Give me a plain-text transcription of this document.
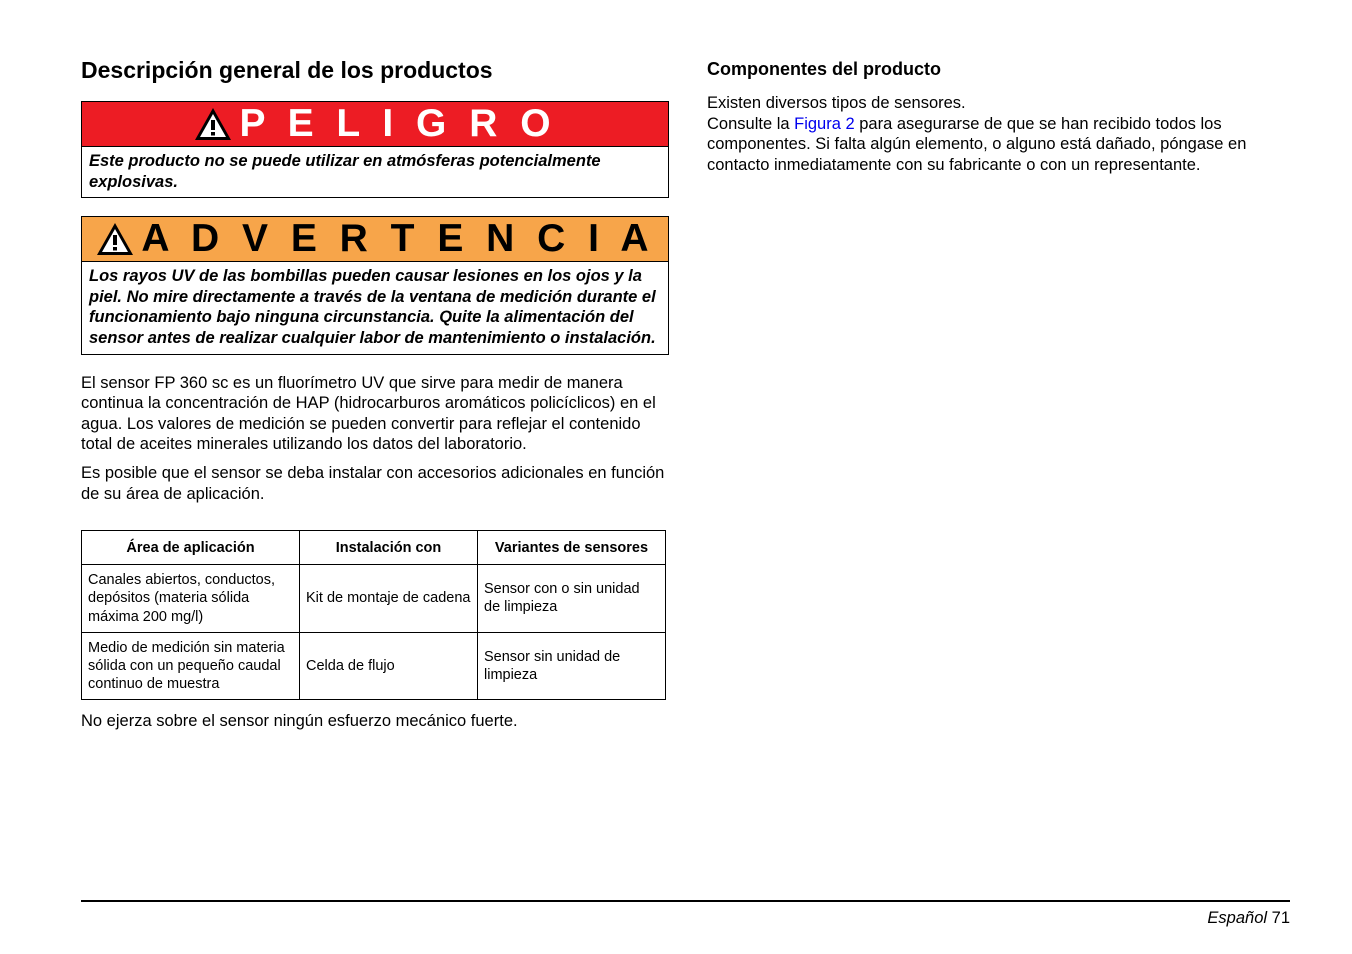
Descripción general de los productos
P E L I G R O
Este producto no se puede utilizar en atmósferas potencialmente explosivas.
A D V E R T E N C I A
Los rayos UV de las bombillas pueden causar lesiones en los ojos y la piel. No mire directamente a través de la ventana de medición durante el funcionamiento bajo ninguna circunstancia. Quite la alimentación del sensor antes de realizar cualquier labor de mantenimiento o instalación.

El sensor FP 360 sc es un fluorímetro UV que sirve para medir de manera continua la concentración de HAP (hidrocarburos aromáticos policíclicos) en el agua. Los valores de medición se pueden convertir para reflejar el contenido total de aceites minerales utilizando los datos del laboratorio.

Es posible que el sensor se deba instalar con accesorios adicionales en función de su área de aplicación.

Área de aplicación	Instalación con	Variantes de sensores
Canales abiertos, conductos, depósitos (materia sólida máxima 200 mg/l)	Kit de montaje de cadena	Sensor con o sin unidad de limpieza
Medio de medición sin materia sólida con un pequeño caudal continuo de muestra	Celda de flujo	Sensor sin unidad de limpieza

No ejerza sobre el sensor ningún esfuerzo mecánico fuerte.

Componentes del producto

Existen diversos tipos de sensores.
Consulte la Figura 2 para asegurarse de que se han recibido todos los componentes. Si falta algún elemento, o alguno está dañado, póngase en contacto inmediatamente con su fabricante o con un representante.

Español 71
